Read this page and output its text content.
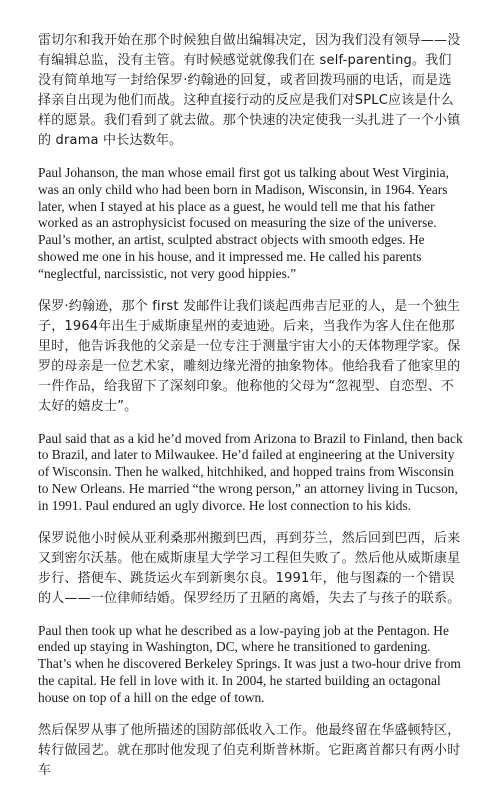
雷切尔和我开始在那个时候独自做出编辑决定，因为我们没有领导——没有编辑总监，没有主管。有时候感觉就像我们在 self-parenting。我们没有简单地写一封给保罗·约翰逊的回复，或者回拨玛丽的电话，而是选择亲自出现为他们而战。这种直接行动的反应是我们对SPLC应该是什么样的愿景。我们看到了就去做。那个快速的决定使我一头扎进了一个小镇的 drama 中长达数年。

Paul Johanson, the man whose email first got us talking about West Virginia, was an only child who had been born in Madison, Wisconsin, in 1964. Years later, when I stayed at his place as a guest, he would tell me that his father worked as an astrophysicist focused on measuring the size of the universe. Paul’s mother, an artist, sculpted abstract objects with smooth edges. He showed me one in his house, and it impressed me. He called his parents “neglectful, narcissistic, not very good hippies.”

保罗·约翰逊，那个 first 发邮件让我们谈起西弗吉尼亚的人，是一个独生子，1964年出生于威斯康星州的麦迪逊。后来，当我作为客人住在他那里时，他告诉我他的父亲是一位专注于测量宇宙大小的天体物理学家。保罗的母亲是一位艺术家，雕刻边缘光滑的抽象物体。他给我看了他家里的一件作品，给我留下了深刻印象。他称他的父母为“忽视型、自恋型、不太好的嬉皮士”。

Paul said that as a kid he’d moved from Arizona to Brazil to Finland, then back to Brazil, and later to Milwaukee. He’d failed at engineering at the University of Wisconsin. Then he walked, hitchhiked, and hopped trains from Wisconsin to New Orleans. He married “the wrong person,” an attorney living in Tucson, in 1991. Paul endured an ugly divorce. He lost connection to his kids.

保罗说他小时候从亚利桑那州搬到巴西，再到芬兰，然后回到巴西，后来又到密尔沃基。他在威斯康星大学学习工程但失败了。然后他从威斯康星步行、搭便车、跳货运火车到新奥尔良。1991年，他与图森的一个错误的人——一位律师结婚。保罗经历了丑陋的离婚，失去了与孩子的联系。

Paul then took up what he described as a low-paying job at the Pentagon. He ended up staying in Washington, DC, where he transitioned to gardening. That’s when he discovered Berkeley Springs. It was just a two-hour drive from the capital. He fell in love with it. In 2004, he started building an octagonal house on top of a hill on the edge of town.

然后保罗从事了他所描述的国防部低收入工作。他最终留在华盛顿特区，转行做园艺。就在那时他发现了伯克利斯普林斯。它距离首都只有两小时车
